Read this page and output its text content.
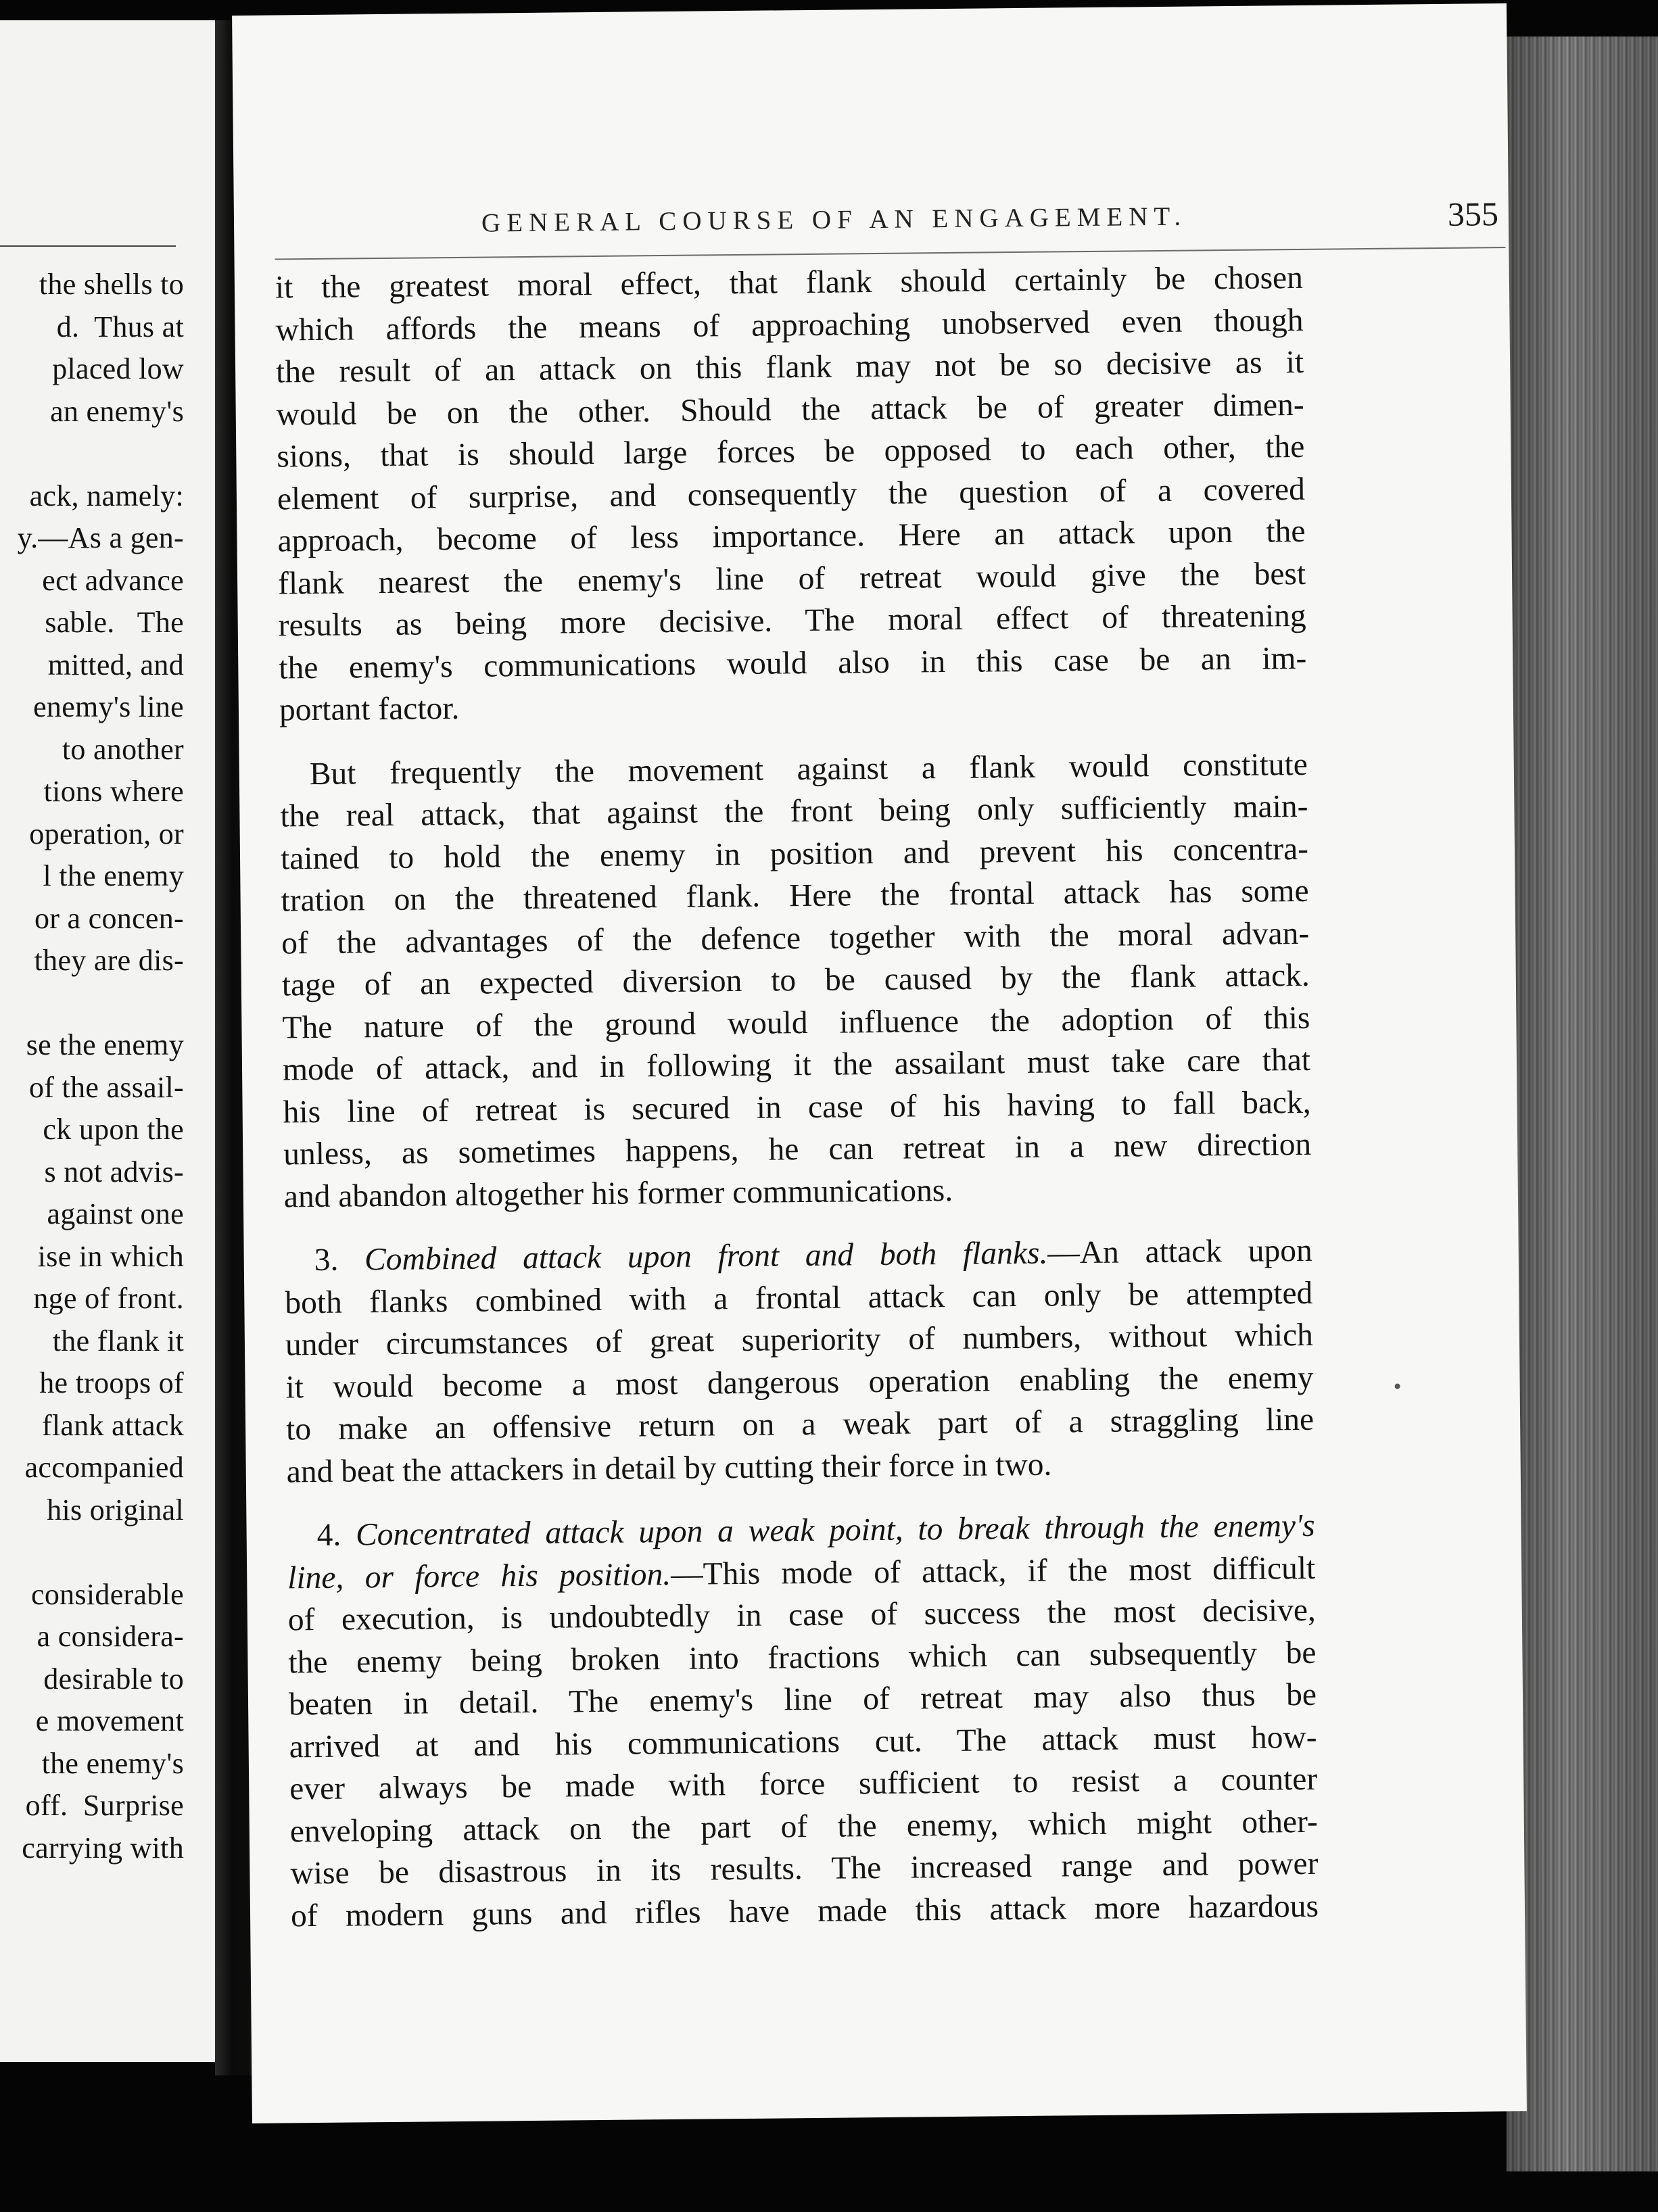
the shells to
d.  Thus at
placed low
an enemy's
ack, namely:
y.—As a gen-
ect advance
sable.   The
mitted, and
enemy's line
to another
tions where
operation, or
l the enemy
or a concen-
they are dis-
se the enemy
of the assail-
ck upon the
s not advis-
against one
ise in which
nge of front.
the flank it
he troops of
flank attack
accompanied
his original
considerable
a considera-
desirable to
e movement
the enemy's
off.  Surprise
carrying with
GENERAL COURSE OF AN ENGAGEMENT.	355
it the greatest moral effect, that flank should certainly be chosen
which affords the means of approaching unobserved even though
the result of an attack on this flank may not be so decisive as it
would be on the other. Should the attack be of greater dimen-
sions, that is should large forces be opposed to each other, the
element of surprise, and consequently the question of a covered
approach, become of less importance. Here an attack upon the
flank nearest the enemy's line of retreat would give the best
results as being more decisive. The moral effect of threatening
the enemy's communications would also in this case be an im-
portant factor.
But frequently the movement against a flank would constitute
the real attack, that against the front being only sufficiently main-
tained to hold the enemy in position and prevent his concentra-
tration on the threatened flank. Here the frontal attack has some
of the advantages of the defence together with the moral advan-
tage of an expected diversion to be caused by the flank attack.
The nature of the ground would influence the adoption of this
mode of attack, and in following it the assailant must take care that
his line of retreat is secured in case of his having to fall back,
unless, as sometimes happens, he can retreat in a new direction
and abandon altogether his former communications.
3. Combined attack upon front and both flanks.—An attack upon
both flanks combined with a frontal attack can only be attempted
under circumstances of great superiority of numbers, without which
it would become a most dangerous operation enabling the enemy
to make an offensive return on a weak part of a straggling line
and beat the attackers in detail by cutting their force in two.
4. Concentrated attack upon a weak point, to break through the enemy's
line, or force his position.—This mode of attack, if the most difficult
of execution, is undoubtedly in case of success the most decisive,
the enemy being broken into fractions which can subsequently be
beaten in detail. The enemy's line of retreat may also thus be
arrived at and his communications cut. The attack must how-
ever always be made with force sufficient to resist a counter
enveloping attack on the part of the enemy, which might other-
wise be disastrous in its results. The increased range and power
of modern guns and rifles have made this attack more hazardous
